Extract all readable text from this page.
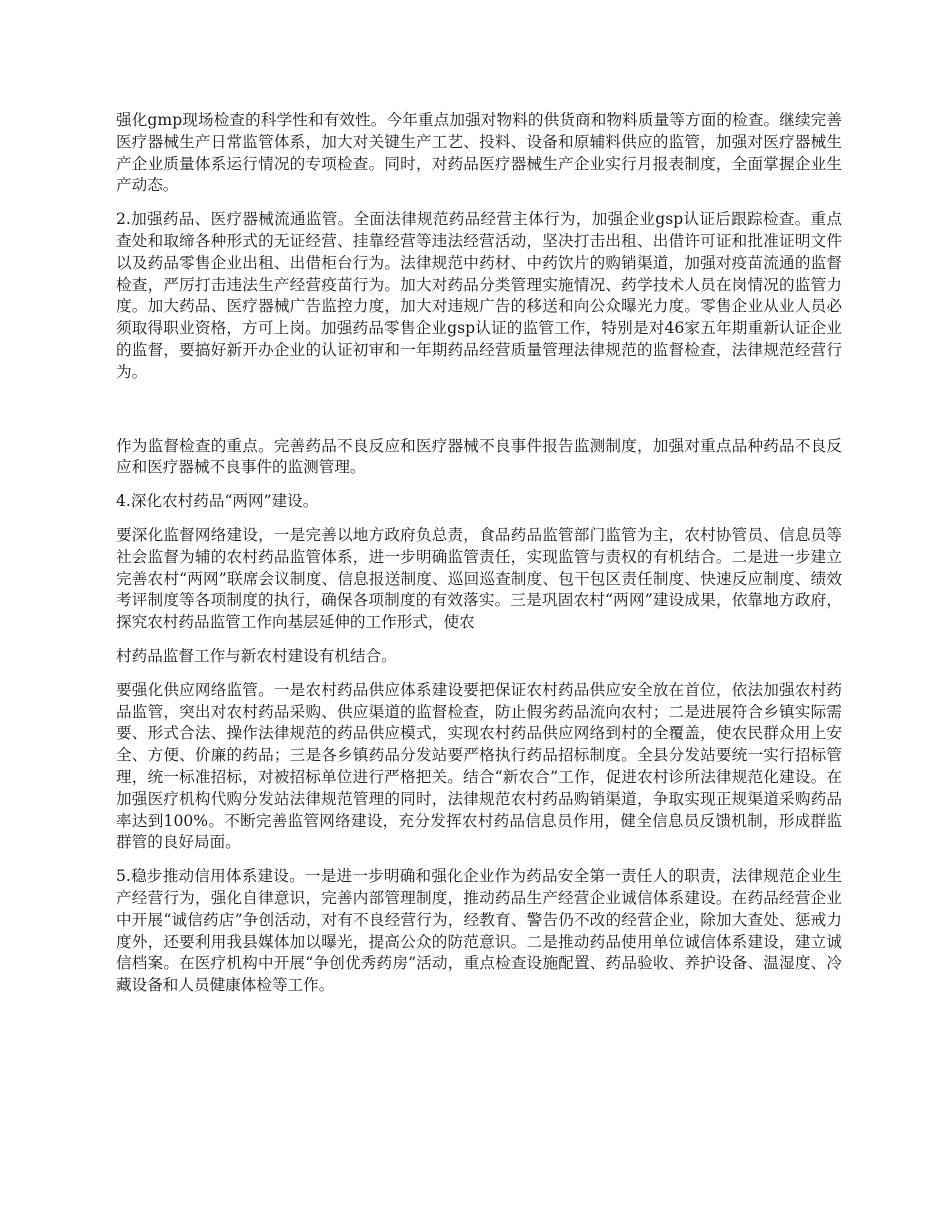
强化gmp现场检查的科学性和有效性。今年重点加强对物料的供货商和物料质量等方面的检查。继续完善医疗器械生产日常监管体系，加大对关键生产工艺、投料、设备和原辅料供应的监管，加强对医疗器械生产企业质量体系运行情况的专项检查。同时，对药品医疗器械生产企业实行月报表制度，全面掌握企业生产动态。

2.加强药品、医疗器械流通监管。全面法律规范药品经营主体行为，加强企业gsp认证后跟踪检查。重点查处和取缔各种形式的无证经营、挂靠经营等违法经营活动，坚决打击出租、出借许可证和批准证明文件以及药品零售企业出租、出借柜台行为。法律规范中药材、中药饮片的购销渠道，加强对疫苗流通的监督检查，严厉打击违法生产经营疫苗行为。加大对药品分类管理实施情况、药学技术人员在岗情况的监管力度。加大药品、医疗器械广告监控力度，加大对违规广告的移送和向公众曝光力度。零售企业从业人员必须取得职业资格，方可上岗。加强药品零售企业gsp认证的监管工作，特别是对46家五年期重新认证企业的监督，要搞好新开办企业的认证初审和一年期药品经营质量管理法律规范的监督检查，法律规范经营行为。

作为监督检查的重点。完善药品不良反应和医疗器械不良事件报告监测制度，加强对重点品种药品不良反应和医疗器械不良事件的监测管理。

4.深化农村药品“两网”建设。

要深化监督网络建设，一是完善以地方政府负总责，食品药品监管部门监管为主，农村协管员、信息员等社会监督为辅的农村药品监管体系，进一步明确监管责任，实现监管与责权的有机结合。二是进一步建立完善农村“两网”联席会议制度、信息报送制度、巡回巡查制度、包干包区责任制度、快速反应制度、绩效考评制度等各项制度的执行，确保各项制度的有效落实。三是巩固农村“两网”建设成果，依靠地方政府，探究农村药品监管工作向基层延伸的工作形式，使农

村药品监督工作与新农村建设有机结合。

要强化供应网络监管。一是农村药品供应体系建设要把保证农村药品供应安全放在首位，依法加强农村药品监管，突出对农村药品采购、供应渠道的监督检查，防止假劣药品流向农村；二是进展符合乡镇实际需要、形式合法、操作法律规范的药品供应模式，实现农村药品供应网络到村的全覆盖，使农民群众用上安全、方便、价廉的药品；三是各乡镇药品分发站要严格执行药品招标制度。全县分发站要统一实行招标管理，统一标准招标，对被招标单位进行严格把关。结合“新农合”工作，促进农村诊所法律规范化建设。在加强医疗机构代购分发站法律规范管理的同时，法律规范农村药品购销渠道，争取实现正规渠道采购药品率达到100%。不断完善监管网络建设，充分发挥农村药品信息员作用，健全信息员反馈机制，形成群监群管的良好局面。

5.稳步推动信用体系建设。一是进一步明确和强化企业作为药品安全第一责任人的职责，法律规范企业生产经营行为，强化自律意识，完善内部管理制度，推动药品生产经营企业诚信体系建设。在药品经营企业中开展“诚信药店”争创活动，对有不良经营行为，经教育、警告仍不改的经营企业，除加大查处、惩戒力度外，还要利用我县媒体加以曝光，提高公众的防范意识。二是推动药品使用单位诚信体系建设，建立诚信档案。在医疗机构中开展“争创优秀药房”活动，重点检查设施配置、药品验收、养护设备、温湿度、冷藏设备和人员健康体检等工作。
